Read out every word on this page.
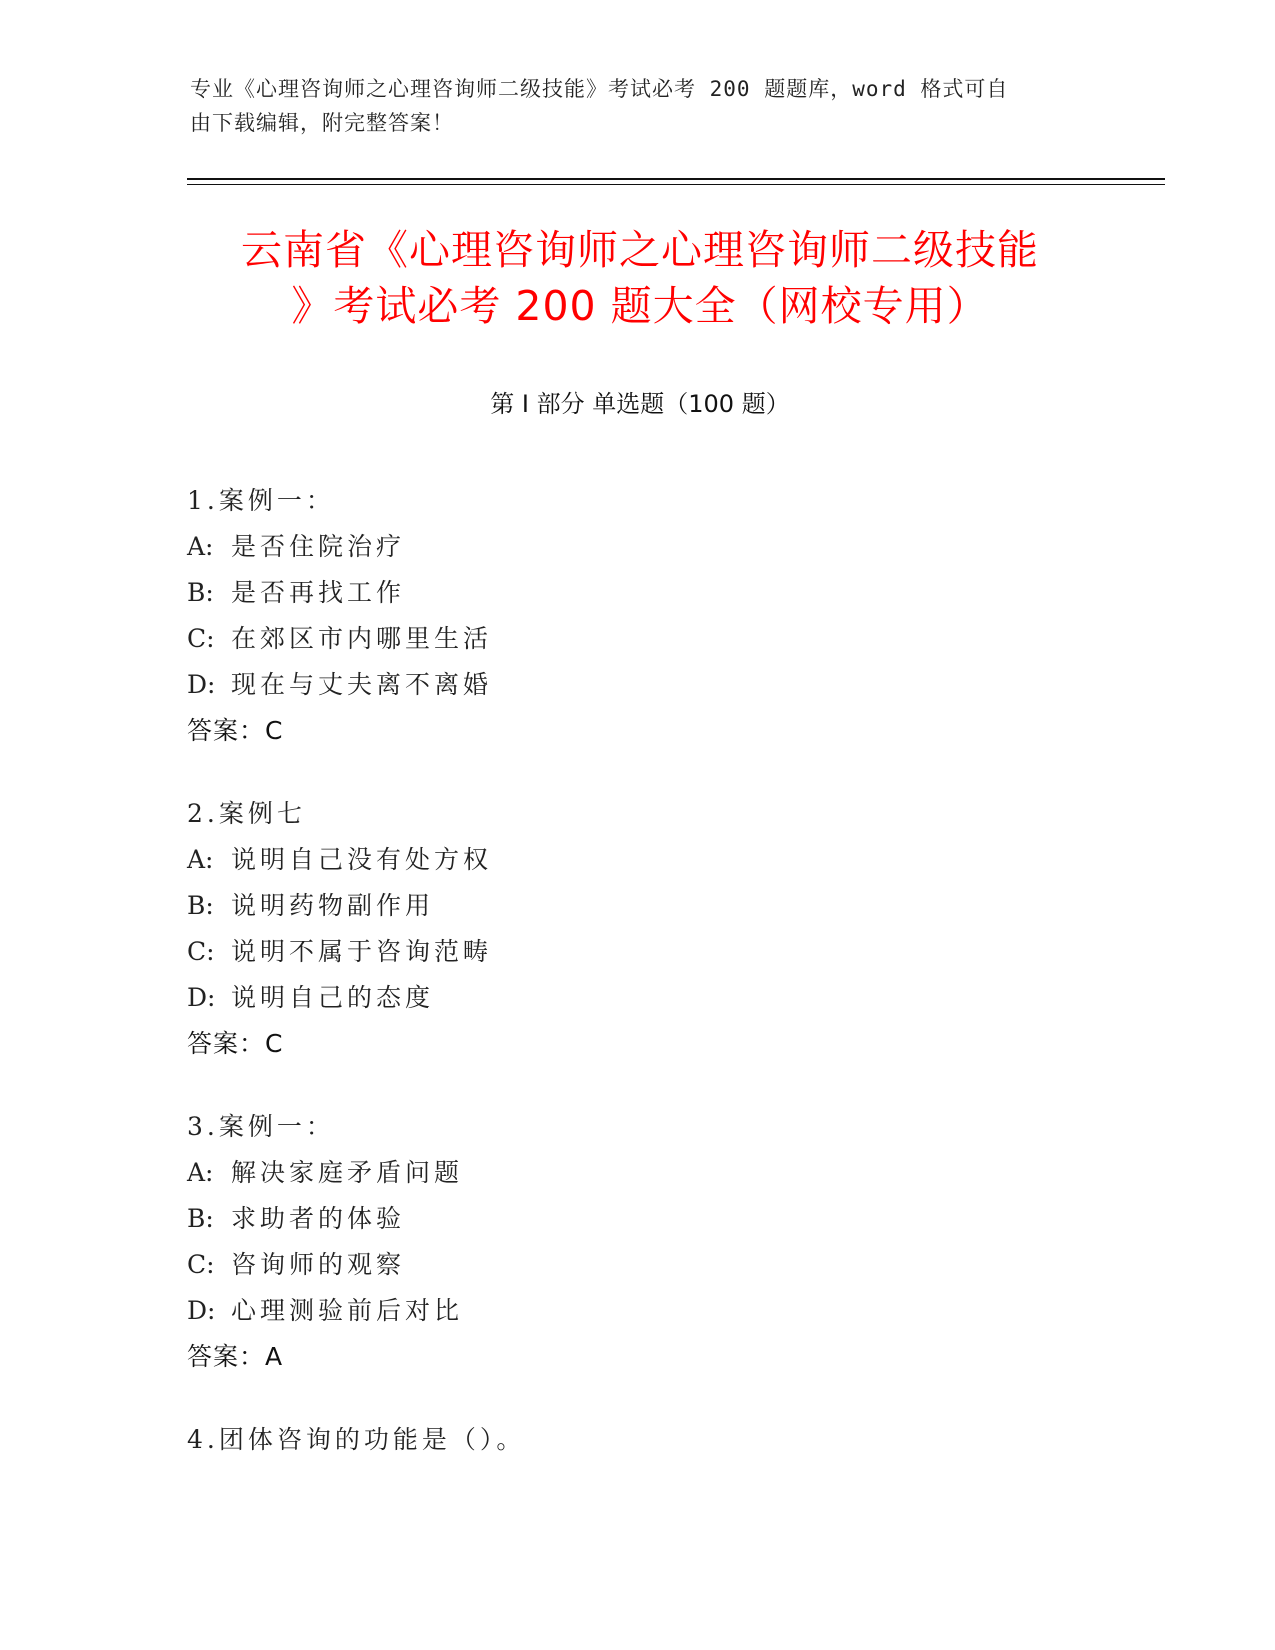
专业《心理咨询师之心理咨询师二级技能》考试必考 200 题题库，word 格式可自
由下载编辑，附完整答案！
云南省《心理咨询师之心理咨询师二级技能
》考试必考 200 题大全（网校专用）
第 I 部分 单选题（100 题）
1.案例一：
A: 是否住院治疗
B: 是否再找工作
C: 在郊区市内哪里生活
D: 现在与丈夫离不离婚
答案：C
2.案例七
A: 说明自己没有处方权
B: 说明药物副作用
C: 说明不属于咨询范畴
D: 说明自己的态度
答案：C
3.案例一：
A: 解决家庭矛盾问题
B: 求助者的体验
C: 咨询师的观察
D: 心理测验前后对比
答案：A
4.团体咨询的功能是（）。
